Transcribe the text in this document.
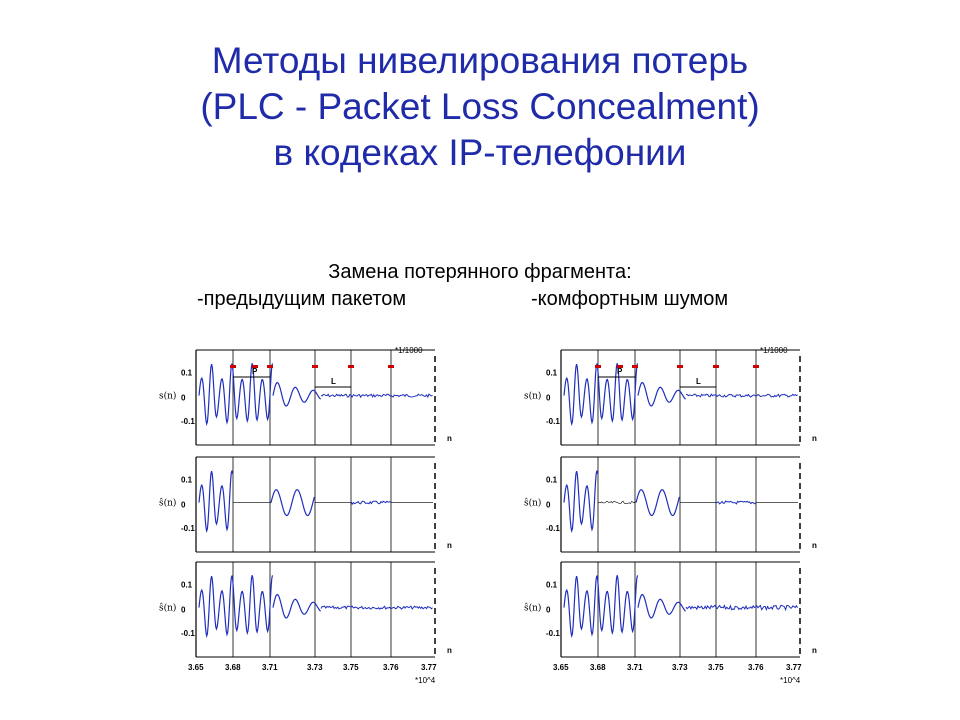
Методы нивелирования потерь
(PLC - Packet Loss Concealment)
в кодеках IP-телефонии
Замена потерянного фрагмента:
-предыдущим пакетом	-комфортным шумом
0.1
0
-0.1
s(n)
n
0.1
0
-0.1
ŝ(n)
n
0.1
0
-0.1
ŝ(n)
n
P
L
*1/1000
3.65	3.68	3.71	3.73	3.75	3.76	3.77
*10^4
0.1
0
-0.1
s(n)
n
0.1
0
-0.1
ŝ(n)
n
0.1
0
-0.1
ŝ(n)
n
P
L
*1/1000
3.65	3.68	3.71	3.73	3.75	3.76	3.77
*10^4
